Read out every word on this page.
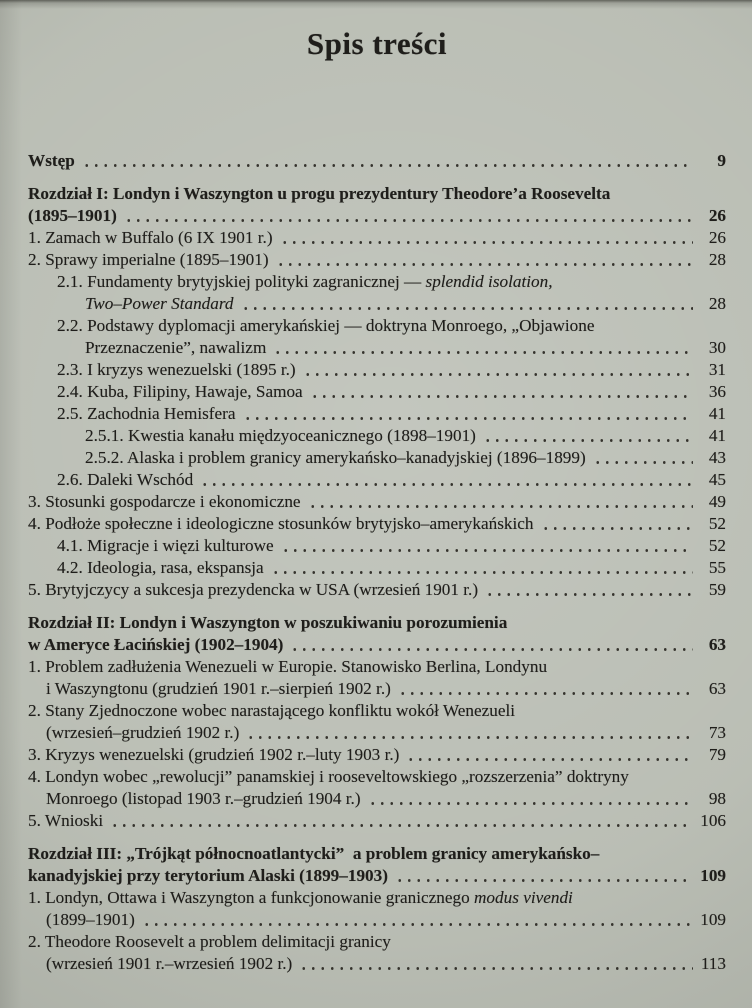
Spis treści
Wstęp	9
Rozdział I: Londyn i Waszyngton u progu prezydentury Theodore’a Roosevelta
(1895–1901)	26
1. Zamach w Buffalo (6 IX 1901 r.)	26
2. Sprawy imperialne (1895–1901)	28
2.1. Fundamenty brytyjskiej polityki zagranicznej — splendid isolation,
Two–Power Standard	28
2.2. Podstawy dyplomacji amerykańskiej — doktryna Monroego, „Objawione
Przeznaczenie”, nawalizm	30
2.3. I kryzys wenezuelski (1895 r.)	31
2.4. Kuba, Filipiny, Hawaje, Samoa	36
2.5. Zachodnia Hemisfera	41
2.5.1. Kwestia kanału międzyoceanicznego (1898–1901)	41
2.5.2. Alaska i problem granicy amerykańsko–kanadyjskiej (1896–1899)	43
2.6. Daleki Wschód	45
3. Stosunki gospodarcze i ekonomiczne	49
4. Podłoże społeczne i ideologiczne stosunków brytyjsko–amerykańskich	52
4.1. Migracje i więzi kulturowe	52
4.2. Ideologia, rasa, ekspansja	55
5. Brytyjczycy a sukcesja prezydencka w USA (wrzesień 1901 r.)	59
Rozdział II: Londyn i Waszyngton w poszukiwaniu porozumienia
w Ameryce Łacińskiej (1902–1904)	63
1. Problem zadłużenia Wenezueli w Europie. Stanowisko Berlina, Londynu
i Waszyngtonu (grudzień 1901 r.–sierpień 1902 r.)	63
2. Stany Zjednoczone wobec narastającego konfliktu wokół Wenezueli
(wrzesień–grudzień 1902 r.)	73
3. Kryzys wenezuelski (grudzień 1902 r.–luty 1903 r.)	79
4. Londyn wobec „rewolucji” panamskiej i rooseveltowskiego „rozszerzenia” doktryny
Monroego (listopad 1903 r.–grudzień 1904 r.)	98
5. Wnioski	106
Rozdział III: „Trójkąt północnoatlantycki”  a problem granicy amerykańsko–
kanadyjskiej przy terytorium Alaski (1899–1903)	109
1. Londyn, Ottawa i Waszyngton a funkcjonowanie granicznego modus vivendi
(1899–1901)	109
2. Theodore Roosevelt a problem delimitacji granicy
(wrzesień 1901 r.–wrzesień 1902 r.)	113
